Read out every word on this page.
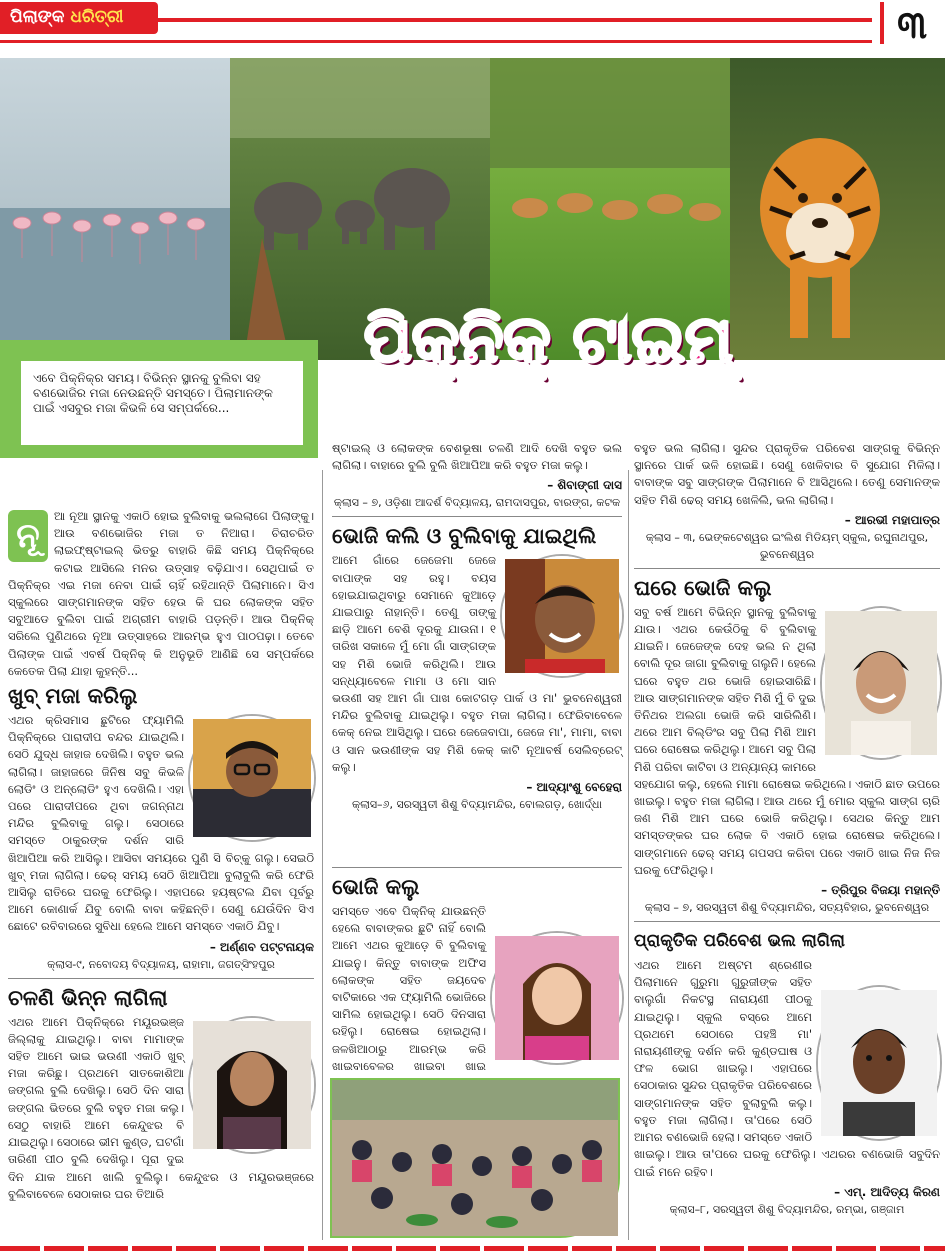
ପିଲାଙ୍କ ଧରିତ୍ରୀ	୩
ପିକ୍‌ନିକ୍ ଟାଇମ୍
ଏବେ ପିକ୍‌ନିକ୍‌ର ସମୟ। ବିଭିନ୍ନ ସ୍ଥାନକୁ ବୁଲିବା ସହ ବଣଭୋଜିର ମଜା ନେଉଛନ୍ତି ସମସ୍ତେ। ପିଲାମାନଙ୍କ ପାଇଁ ଏସବୁର ମଜା କିଭଳି ସେ ସମ୍ପର୍କରେ...
ନୂ	ଆ ନୂଆ ସ୍ଥାନକୁ ଏକାଠି ହୋଇ ବୁଲିବାକୁ ଭଲଲାଗେ ପିଲାଙ୍କୁ। ଆଉ ବଣଭୋଜିର ମଜା ତ ନିଆରା। ଚିରାଚରିତ ଲାଇଫ୍‌ଷ୍ଟାଇଲ୍ ଭିତରୁ ବାହାରି କିଛି ସମୟ ପିକ୍‌ନିକ୍‌ରେ କଟାଇ ଆସିଲେ ମନର ଉତ୍ସାହ ବଢ଼ିଯାଏ। ସେଥିପାଇଁ ତ ପିକ୍‌ନିକ୍‌ର ଏଇ ମଜା ନେବା ପାଇଁ ଚାହିଁ ରହିଥାନ୍ତି ପିଲାମାନେ। ସିଏ ସ୍କୁଲରେ ସାଙ୍ଗମାନଙ୍କ ସହିତ ହେଉ କି ଘର ଲୋକଙ୍କ ସହିତ ସବୁଆଡେ ବୁଲିବା ପାଇଁ ଅଗ୍ରୀମ ବାହାରି ପଡ଼ନ୍ତି। ଆଉ ପିକ୍‌ନିକ୍ ସରିଲେ ପୁଣିଥରେ ନୂଆ ଉତ୍ସାହରେ ଆରମ୍ଭ ହୁଏ ପାଠପଢ଼ା। ତେବେ ପିଲାଙ୍କ ପାଇଁ ଏବର୍ଷ ପିକ୍‌ନିକ୍ କି ଅନୁଭୂତି ଆଣିଛି ସେ ସମ୍ପର୍କରେ କେତେକ ପିଲା ଯାହା କୁହନ୍ତି...

ଖୁବ୍ ମଜା କରିଲୁ

ଏଥର କ୍ରିସମାସ ଛୁଟିରେ ଫ୍ୟାମିଲି ପିକ୍‌ନିକ୍‌ରେ ପାରାଦୀପ ବନ୍ଦର ଯାଇଥିଲି। ସେଠି ଯୁଦ୍ଧ ଜାହାଜ ଦେଖିଲି। ବହୁତ ଭଲ ଲାଗିଲା। ଜାହାଜରେ ଜିନିଷ ସବୁ କିଭଳି ଲୋଡିଂ ଓ ଅନ୍‌ଲୋଡିଂ ହୁଏ ଦେଖିଲି। ଏହା ପରେ ପାରାଦୀପରେ ଥିବା ଜଗନ୍ନାଥ ମନ୍ଦିର ବୁଲିବାକୁ ଗଲୁ। ସେଠାରେ ସମସ୍ତେ ଠାକୁରଙ୍କ ଦର୍ଶନ ସାରି ଖିଆପିଆ କରି ଆସିଲୁ। ଆସିବା ସମୟରେ ପୁଣି ସି ବିଚ୍‌କୁ ଗଲୁ। ସେଇଠି ଖୁବ୍ ମଜା ଲାଗିଲା। ଢେର୍ ସମୟ ସେଠି ଖିଆପିଆ ବୁଲାବୁଲି କରି ଫେରି ଆସିଲୁ ରାତିରେ ଘରକୁ ଫେରିଲୁ। ଏହାପରେ ହୟଷ୍ଟଲ ଯିବା ପୂର୍ବରୁ ଆମେ କୋଣାର୍କ ଯିବୁ ବୋଲି ବାବା କହିଛନ୍ତି। ସେଣୁ ଯେଉଁଦିନ ସିଏ ଛୋଟେ ରବିବାରରେ ସୁବିଧା ହେଲେ ଆମେ ସମସ୍ତେ ଏକାଠି ଯିବୁ।

– ଅର୍ଣ୍ଣବ ପଟ୍ଟନାୟକ
କ୍ଲାସ-୯, ନବୋଦୟ ବିଦ୍ୟାଳୟ, ରାହାମା, ଜଗତ୍‌ସିଂହପୁର
ଚଳଣି ଭିନ୍ନ ଲାଗିଲା

ଏଥର ଆମେ ପିକ୍‌ନିକ୍‌ରେ ମୟୂରଭଞ୍ଜ ଜିଲ୍ଲାକୁ ଯାଇଥିଲୁ। ବାବା ମାମାଙ୍କ ସହିତ ଆମେ ଭାଇ ଭଉଣୀ ଏକାଠି ଖୁବ୍ ମଜା କରିଛୁ। ପ୍ରଥମେ ସାତକୋଶିଆ ଜଙ୍ଗଲ ବୁଲି ଦେଖିଲୁ। ସେଠି ଦିନ ସାରା ଜଙ୍ଗଲ ଭିତରେ ବୁଲି ବହୁତ ମଜା କଲୁ। ସେଠୁ ବାହାରି ଆମେ କେନ୍ଦୁଝର ବି ଯାଇଥିଲୁ। ସେଠାରେ ଭୀମ କୁଣ୍ଡ, ଘଟଗାଁ ତାରିଣୀ ପୀଠ ବୁଲି ଦେଖିଲୁ। ପୂରା ଦୁଇ ଦିନ ଯାକ ଆମେ ଖାଲି ବୁଲିଲୁ। କେନ୍ଦୁଝର ଓ ମୟୂରଭଞ୍ଜରେ ବୁଲିବାବେଳେ ସେଠାକାର ଘର ତିଆରି

ଷ୍ଟାଇଲ୍ ଓ ଲୋକଙ୍କ ବେଶଭୂଷା ଚଳଣି ଆଦି ଦେଖି ବହୁତ ଭଲ ଲାଗିଲା। ବାହାରେ ବୁଲି ବୁଲି ଖିଆପିଆ କରି ବହୁତ ମଜା କଲୁ।

– ଶିବାଙ୍ଗୀ ଦାସ
କ୍ଲାସ – ୭, ଓଡ଼ିଶା ଆଦର୍ଶ ବିଦ୍ୟାଳୟ, ରାମଦାସପୁର, ବାରଙ୍ଗ, କଟକ
ଭୋଜି କଲି ଓ ବୁଲିବାକୁ ଯାଇଥିଲି

ଆମେ ଗାଁରେ ଜେଜେମା ଜେଜେ ବାପାଙ୍କ ସହ ରହୁ। ବୟସ ହୋଇଯାଇଥିବାରୁ ସେମାନେ କୁଆଡ଼େ ଯାଇପାରୁ ନାହାନ୍ତି। ତେଣୁ ତାଙ୍କୁ ଛାଡ଼ି ଆମେ ବେଶି ଦୂରକୁ ଯାଉନା। ୧ ତାରିଖ ସକାଳେ ମୁଁ ମୋ ଗାଁ ସାଙ୍ଗଙ୍କ ସହ ମିଶି ଭୋଜି କରିଥିଲି। ଆଉ ସନ୍ଧ୍ୟାବେଳେ ମାମା ଓ ମୋ ସାନ ଭଉଣୀ ସହ ଆମ ଗାଁ ପାଖ କୋଟଗଡ଼ ପାର୍କ ଓ ମା' ଭୁବନେଶ୍ୱରୀ ମନ୍ଦିର ବୁଲିବାକୁ ଯାଇଥିଲୁ। ବହୁତ ମଜା ଲାଗିଲା। ଫେରିବାବେଳେ କେକ୍ ନେଇ ଆସିଥିଲୁ। ଘରେ ଜେଜେବାପା, ଜେଜେ ମା', ମାମା, ବାବା ଓ ସାନ ଭଉଣୀଙ୍କ ସହ ମିଶି କେକ୍ କାଟି ନୂଆବର୍ଷ ସେଲିବ୍ରେଟ୍ କଲୁ।

– ଆଦ୍ୟାଂଶୁ ବେହେରା
କ୍ଲାସ–୬, ସରସ୍ୱତୀ ଶିଶୁ ବିଦ୍ୟାମନ୍ଦିର, ବୋଲଗଡ଼, ଖୋର୍ଦ୍ଧା
ଭୋଜି କଲୁ

ସମସ୍ତେ ଏବେ ପିକ୍‌ନିକ୍ ଯାଉଛନ୍ତି ହେଲେ ବାବାଙ୍କର ଛୁଟି ନାହିଁ ବୋଲି ଆମେ ଏଥର କୁଆଡ଼େ ବି ବୁଲିବାକୁ ଯାଇନୁ। କିନ୍ତୁ ବାବାଙ୍କ ଅଫିସ ଲୋକଙ୍କ ସହିତ ଜୟଦେବ ବାଟିକାରେ ଏକ ଫ୍ୟାମିଲି ଭୋଜିରେ ସାମିଲ ହୋଇଥିଲୁ। ସେଠି ଦିନସାରା ରହିଲୁ। ରୋଷେଇ ହୋଇଥିଲା। ଜଳଖିଆଠାରୁ ଆରମ୍ଭ କରି ଖାଇବାବେଳର ଖାଇବା ଖାଇ

ବହୁତ ଭଲ ଲାଗିଲା। ସୁନ୍ଦର ପ୍ରାକୃତିକ ପରିବେଶ ସାଙ୍ଗକୁ ବିଭିନ୍ନ ସ୍ଥାନରେ ପାର୍କ ଭଳି ହୋଇଛି। ସେଣୁ ଖେଳିବାର ବି ସୁଯୋଗ ମିଳିଲା। ବାବାଙ୍କ ସବୁ ସାଙ୍ଗଙ୍କ ପିଲାମାନେ ବି ଆସିଥିଲେ। ତେଣୁ ସେମାନଙ୍କ ସହିତ ମିଶି ଢେର୍ ସମୟ ଖେଳିଲି, ଭଲ ଲାଗିଲା।

– ଆରଭୀ ମହାପାତ୍ର
କ୍ଲାସ – ୩, ଭେଙ୍କଟେଶ୍ୱର ଇଂଲିଶ ମିଡିୟମ୍ ସ୍କୁଲ, ରଘୁନାଥପୁର, ଭୁବନେଶ୍ୱର
ଘରେ ଭୋଜି କଲୁ

ସବୁ ବର୍ଷ ଆମେ ବିଭିନ୍ନ ସ୍ଥାନକୁ ବୁଲିବାକୁ ଯାଉ। ଏଥର କେଉଁଠିକୁ ବି ବୁଲିବାକୁ ଯାଇନି। ଜେଜେଙ୍କ ଦେହ ଭଲ ନ ଥିଲା ବୋଲି ଦୂର ଜାଗା ବୁଲିବାକୁ ଗଲୁନି। ହେଲେ ଘରେ ବହୁତ ଥର ଭୋଜି ହୋଇସାରିଛି। ଆଉ ସାଙ୍ଗମାନଙ୍କ ସହିତ ମିଶି ମୁଁ ବି ଦୁଇ ତିନିଥର ଅଲଗା ଭୋଜି କରି ସାରିଲିଣି। ଥରେ ଆମ ବିଲ୍ଡିଂର ସବୁ ପିଲା ମିଶି ଆମ ଘରେ ରୋଷେଇ କରିଥିଲୁ। ଆମେ ସବୁ ପିଲା ମିଶି ପରିବା କାଟିବା ଓ ଅନ୍ୟାନ୍ୟ କାମରେ ସହଯୋଗ କଲୁ, ହେଲେ ମାମା ରୋଷେଇ କରିଥିଲେ। ଏକାଠି ଛାତ ଉପରେ ଖାଇଲୁ। ବହୁତ ମଜା ଲାଗିଲା। ଆଉ ଥରେ ମୁଁ ମୋର ସ୍କୁଲ ସାଙ୍ଗ ଚାରି ଜଣ ମିଶି ଆମ ଘରେ ଭୋଜି କରିଥିଲୁ। ସେଥର କିନ୍ତୁ ଆମ ସମସ୍ତଙ୍କର ଘର ଲୋକ ବି ଏକାଠି ହୋଇ ରୋଷେଇ କରିଥିଲେ। ସାଙ୍ଗମାନେ ଢେର୍ ସମୟ ଗପସପ କରିବା ପରେ ଏକାଠି ଖାଇ ନିଜ ନିଜ ଘରକୁ ଫେରିଥିଲୁ।

– ତ୍ରିପୁର ବିଜୟା ମହାନ୍ତି
କ୍ଲାସ – ୭, ସରସ୍ୱତୀ ଶିଶୁ ବିଦ୍ୟାମନ୍ଦିର, ସତ୍ୟବିହାର, ଭୁବନେଶ୍ୱର
ପ୍ରାକୃତିକ ପରିବେଶ ଭଲ ଲାଗିଲା

ଏଥର ଆମେ ଅଷ୍ଟମ ଶ୍ରେଣୀର ପିଲାମାନେ ଗୁରୁମା ଗୁରୁଜୀଙ୍କ ସହିତ ବାଲୁଗାଁ ନିକଟସ୍ଥ ନାରାୟଣୀ ପୀଠକୁ ଯାଇଥିଲୁ। ସ୍କୁଲ ବସ୍‌ରେ ଆମେ ପ୍ରଥମେ ସେଠାରେ ପହଞ୍ଚି ମା' ନାରାୟଣୀଙ୍କୁ ଦର୍ଶନ କରି କୁଣ୍ଡଘାଷ ଓ ଫଳ ଭୋଗ ଖାଇଲୁ। ଏହାପରେ ସେଠାକାର ସୁନ୍ଦର ପ୍ରାକୃତିକ ପରିବେଶରେ ସାଙ୍ଗମାନଙ୍କ ସହିତ ବୁଲାବୁଲି କଲୁ। ବହୁତ ମଜା ଲାଗିଲା। ତା'ପରେ ସେଠି ଆମର ବଣଭୋଜି ହେଲା। ସମସ୍ତେ ଏକାଠି ଖାଇଲୁ। ଆଉ ତା'ପରେ ଘରକୁ ଫେରିଲୁ। ଏଥରର ବଣଭୋଜି ସବୁଦିନ ପାଇଁ ମନେ ରହିବ।

– ଏମ୍. ଆଦିତ୍ୟ କିରଣ
କ୍ଲାସ–୮, ସରସ୍ୱତୀ ଶିଶୁ ବିଦ୍ୟାମନ୍ଦିର, ରମ୍ଭା, ଗଞ୍ଜାମ
